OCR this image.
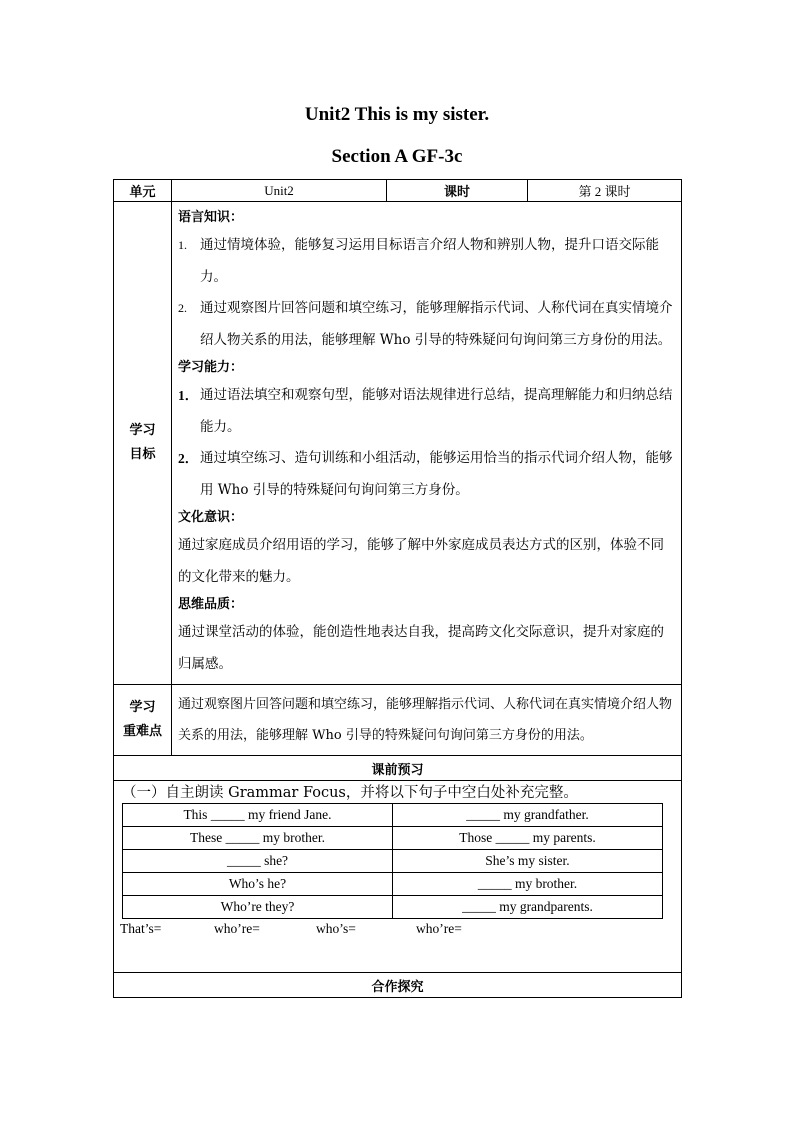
Unit2 This is my sister.
Section A GF-3c
单元	Unit2	课时	第 2 课时
学习
目标	
语言知识：
1. 通过情境体验，能够复习运用目标语言介绍人物和辨别人物，提升口语交际能力。
2. 通过观察图片回答问题和填空练习，能够理解指示代词、人称代词在真实情境介绍人物关系的用法，能够理解 Who 引导的特殊疑问句询问第三方身份的用法。
学习能力：
1． 通过语法填空和观察句型，能够对语法规律进行总结，提高理解能力和归纳总结能力。
2． 通过填空练习、造句训练和小组活动，能够运用恰当的指示代词介绍人物，能够用 Who 引导的特殊疑问句询问第三方身份。
文化意识：
通过家庭成员介绍用语的学习，能够了解中外家庭成员表达方式的区别，体验不同的文化带来的魅力。
思维品质：
通过课堂活动的体验，能创造性地表达自我，提高跨文化交际意识，提升对家庭的归属感。

学习
重难点	通过观察图片回答问题和填空练习，能够理解指示代词、人称代词在真实情境介绍人物关系的用法，能够理解 Who 引导的特殊疑问句询问第三方身份的用法。
课前预习

（一）自主朗读 Grammar Focus，并将以下句子中空白处补充完整。
This _____ my friend Jane.	_____ my grandfather.
These _____ my brother.	Those _____ my parents.
_____ she?	She’s my sister.
Who’s he?	_____ my brother.
Who’re they?	_____ my grandparents.
That’s=	who’re=	who’s=	who’re=

合作探究
